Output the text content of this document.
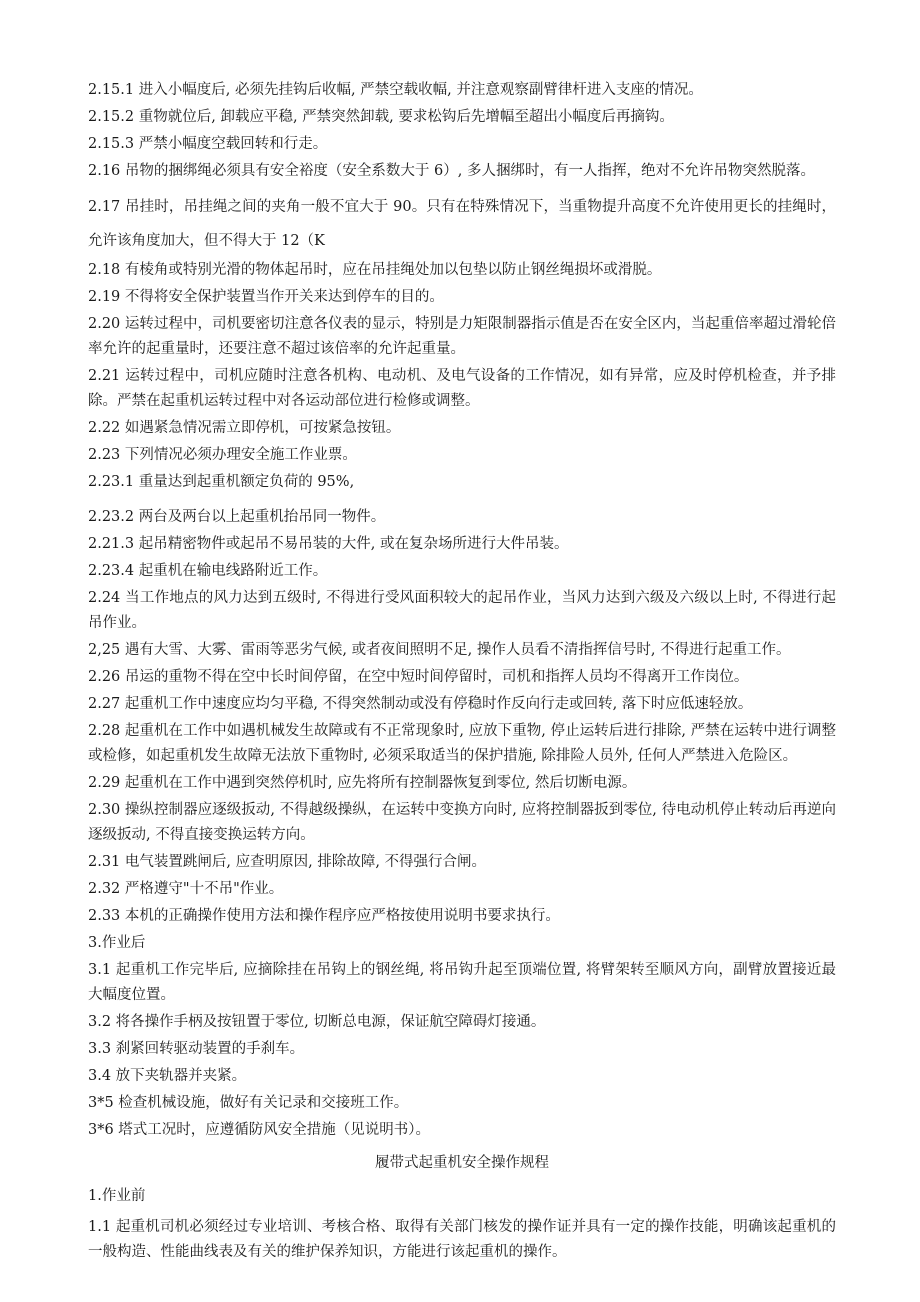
2.15.1 进入小幅度后, 必须先挂钩后收幅, 严禁空载收幅, 并注意观察副臂律杆进入支座的情况。

2.15.2 重物就位后, 卸载应平稳, 严禁突然卸载, 要求松钩后先增幅至超出小幅度后再摘钩。

2.15.3 严禁小幅度空载回转和行走。

2.16 吊物的捆绑绳必须具有安全裕度（安全系数大于 6）, 多人捆绑时，有一人指挥，绝对不允许吊物突然脱落。

2.17 吊挂时，吊挂绳之间的夹角一般不宜大于 90。只有在特殊情况下，当重物提升高度不允许使用更长的挂绳时，允许该角度加大，但不得大于 12（K

2.18 有棱角或特别光滑的物体起吊时，应在吊挂绳处加以包垫以防止钢丝绳损坏或滑脱。

2.19 不得将安全保护装置当作开关来达到停车的目的。

2.20 运转过程中，司机要密切注意各仪表的显示，特别是力矩限制器指示值是否在安全区内，当起重倍率超过滑轮倍率允许的起重量时，还要注意不超过该倍率的允许起重量。

2.21 运转过程中，司机应随时注意各机构、电动机、及电气设备的工作情况，如有异常，应及时停机检查，并予排除。严禁在起重机运转过程中对各运动部位进行检修或调整。

2.22 如遇紧急情况需立即停机，可按紧急按钮。

2.23 下列情况必须办理安全施工作业票。

2.23.1 重量达到起重机额定负荷的 95%,

2.23.2 两台及两台以上起重机抬吊同一物件。

2.21.3 起吊精密物件或起吊不易吊装的大件, 或在复杂场所进行大件吊装。

2.23.4 起重机在输电线路附近工作。

2.24 当工作地点的风力达到五级时, 不得进行受风面积较大的起吊作业，当风力达到六级及六级以上时, 不得进行起吊作业。

2,25 遇有大雪、大雾、雷雨等恶劣气候, 或者夜间照明不足, 操作人员看不清指挥信号时, 不得进行起重工作。

2.26 吊运的重物不得在空中长时间停留，在空中短时间停留时，司机和指挥人员均不得离开工作岗位。

2.27 起重机工作中速度应均匀平稳, 不得突然制动或没有停稳时作反向行走或回转, 落下时应低速轻放。

2.28 起重机在工作中如遇机械发生故障或有不正常现象时, 应放下重物, 停止运转后进行排除, 严禁在运转中进行调整或检修，如起重机发生故障无法放下重物时, 必须采取适当的保护措施, 除排险人员外, 任何人严禁进入危险区。

2.29 起重机在工作中遇到突然停机时, 应先将所有控制器恢复到零位, 然后切断电源。

2.30 操纵控制器应逐级扳动, 不得越级操纵，在运转中变换方向时, 应将控制器扳到零位, 待电动机停止转动后再逆向逐级扳动, 不得直接变换运转方向。

2.31 电气装置跳闸后, 应查明原因, 排除故障, 不得强行合闸。

2.32 严格遵守"十不吊"作业。

2.33 本机的正确操作使用方法和操作程序应严格按使用说明书要求执行。

3.作业后

3.1 起重机工作完毕后, 应摘除挂在吊钩上的钢丝绳, 将吊钩升起至顶端位置, 将臂架转至顺风方向，副臂放置接近最大幅度位置。

3.2 将各操作手柄及按钮置于零位, 切断总电源，保证航空障碍灯接通。

3.3 刹紧回转驱动装置的手刹车。

3.4 放下夹轨器并夹紧。

3*5 检查机械设施，做好有关记录和交接班工作。

3*6 塔式工况时，应遵循防风安全措施（见说明书）。

履带式起重机安全操作规程

1.作业前

1.1 起重机司机必须经过专业培训、考核合格、取得有关部门核发的操作证并具有一定的操作技能，明确该起重机的一般构造、性能曲线表及有关的维护保养知识，方能进行该起重机的操作。
